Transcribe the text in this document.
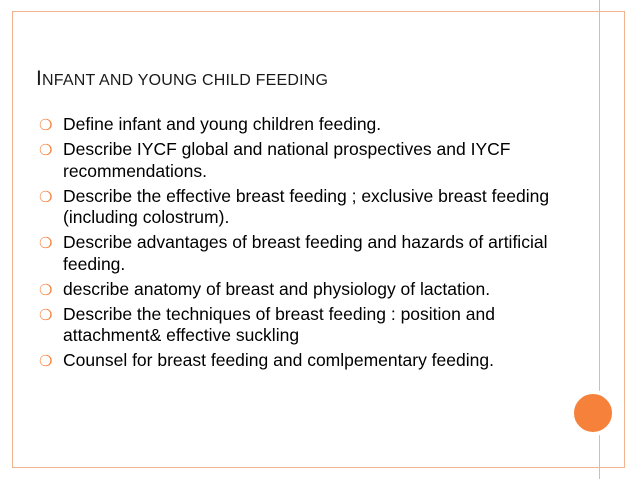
INFANT AND YOUNG CHILD FEEDING
❍ Define infant and young children feeding.
❍ Describe IYCF global and national prospectives and IYCF recommendations.
❍ Describe the effective breast feeding ; exclusive breast feeding (including colostrum).
❍ Describe advantages of breast feeding and hazards of artificial feeding.
❍ describe anatomy of breast and physiology of lactation.
❍ Describe the techniques of breast feeding : position and attachment& effective suckling
❍ Counsel for breast feeding and comlpementary feeding.
